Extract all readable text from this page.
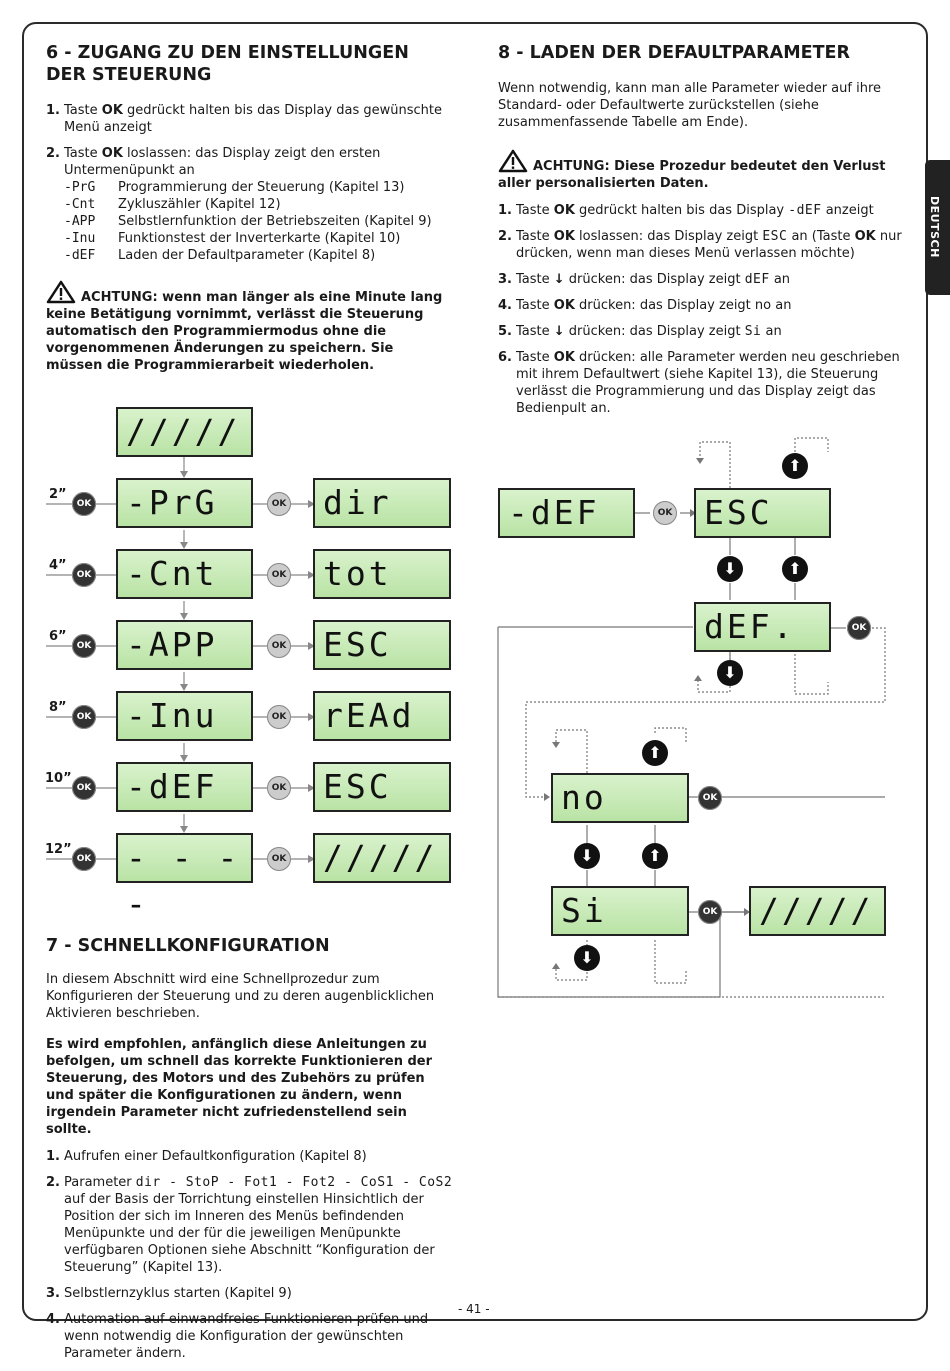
DEUTSCH
6 - ZUGANG ZU DEN EINSTELLUNGEN DER STEUERUNG
1. Taste OK gedrückt halten bis das Display das gewünschte Menü anzeigt
2. Taste OK loslassen: das Display zeigt den ersten Untermenüpunkt an
-PrG	Programmierung der Steuerung (Kapitel 13)
-Cnt	Zykluszähler (Kapitel 12)
-APP	Selbstlernfunktion der Betriebszeiten (Kapitel 9)
-Inu	Funktionstest der Inverterkarte (Kapitel 10)
-dEF	Laden der Defaultparameter (Kapitel 8)
ACHTUNG: wenn man länger als eine Minute lang keine Betätigung vornimmt, verlässt die Steuerung automatisch den Programmiermodus ohne die vorgenommenen Änderungen zu speichern. Sie müssen die Programmierarbeit wiederholen.
/////
2”
OK	-PrG	OK	dir
4”
OK	-Cnt	OK	tot
6”
OK	-APP	OK	ESC
8”
OK	-Inu	OK	rEAd
10”
OK	-dEF	OK	ESC
12”
OK	- - - -
OK	/////
7 - SCHNELLKONFIGURATION

In diesem Abschnitt wird eine Schnellprozedur zum Konfigurieren der Steuerung und zu deren augenblicklichen Aktivieren beschrieben.

Es wird empfohlen, anfänglich diese Anleitungen zu befolgen, um schnell das korrekte Funktionieren der Steuerung, des Motors und des Zubehörs zu prüfen und später die Konfigurationen zu ändern, wenn irgendein Parameter nicht zufriedenstellend sein sollte.

1. Aufrufen einer Defaultkonfiguration (Kapitel 8)
2. Parameter dir - StoP - Fot1 - Fot2 - CoS1 - CoS2
auf der Basis der Torrichtung einstellen Hinsichtlich der Position der sich im Inneren des Menüs befindenden Menüpunkte und der für die jeweiligen Menüpunkte verfügbaren Optionen siehe Abschnitt “Konfiguration der Steuerung” (Kapitel 13).
3. Selbstlernzyklus starten (Kapitel 9)
4. Automation auf einwandfreies Funktionieren prüfen und wenn notwendig die Konfiguration der gewünschten Parameter ändern.
8 - LADEN DER DEFAULTPARAMETER

Wenn notwendig, kann man alle Parameter wieder auf ihre Standard- oder Defaultwerte zurückstellen (siehe zusammenfassende Tabelle am Ende).

ACHTUNG: Diese Prozedur bedeutet den Verlust aller personalisierten Daten.
1. Taste OK gedrückt halten bis das Display -dEF anzeigt
2. Taste OK loslassen: das Display zeigt ESC an (Taste OK nur drücken, wenn man dieses Menü verlassen möchte)
3. Taste ↓ drücken: das Display zeigt dEF an
4. Taste OK drücken: das Display zeigt no an
5. Taste ↓ drücken: das Display zeigt Si an
6. Taste OK drücken: alle Parameter werden neu geschrieben mit ihrem Defaultwert (siehe Kapitel 13), die Steuerung verlässt die Programmierung und das Display zeigt das Bedienpult an.
-dEF	OK ESC
⬆
⬇	⬆
dEF.	OK
⬇
⬆
no	OK
⬇	⬆
Si	OK	/////
⬇
- 41 -
